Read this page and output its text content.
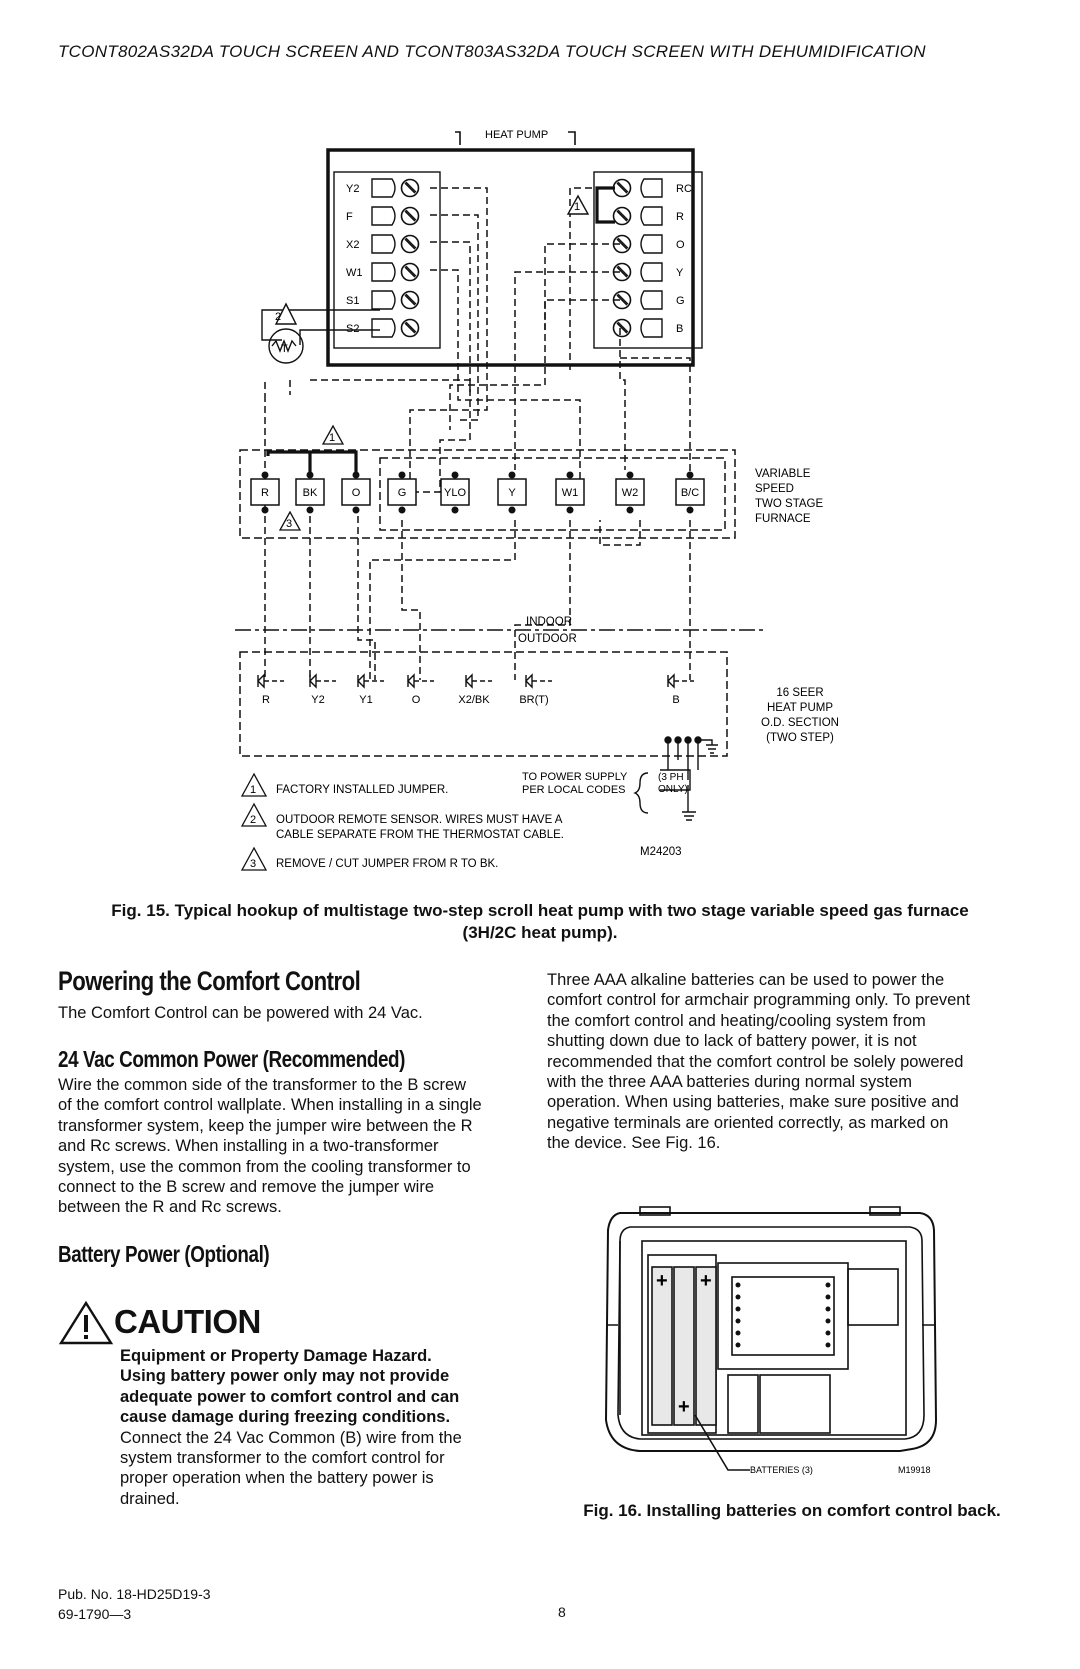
TCONT802AS32DA TOUCH SCREEN AND TCONT803AS32DA TOUCH SCREEN WITH DEHUMIDIFICATION
Y2
F
X2
W1
S1
S2
RC
R
O
Y
G
B
T
2
1
HEAT PUMP
1
3
R	BK	O	G	YLO	Y	W1	W2	B/C
VARIABLE
SPEED
TWO STAGE
FURNACE
INDOOR
OUTDOOR
R	Y2	Y1	O	X2/BK	BR(T)	B
16 SEER
HEAT PUMP
O.D. SECTION
(TWO STEP)
TO POWER SUPPLY
PER LOCAL CODES
(3 PH
ONLY)
1 FACTORY INSTALLED JUMPER.
2 OUTDOOR REMOTE SENSOR. WIRES MUST HAVE A
CABLE SEPARATE FROM THE THERMOSTAT CABLE.
3 REMOVE / CUT JUMPER FROM R TO BK.
M24203
Fig. 15. Typical hookup of multistage two-step scroll heat pump with two stage variable speed gas furnace
(3H/2C heat pump).
Powering the Comfort Control
The Comfort Control can be powered with 24 Vac.
24 Vac Common Power (Recommended)
Wire the common side of the transformer to the B screw
of the comfort control wallplate. When installing in a single
transformer system, keep the jumper wire between the R
and Rc screws. When installing in a two-transformer
system, use the common from the cooling transformer to
connect to the B screw and remove the jumper wire
between the R and Rc screws.
Battery Power (Optional)
CAUTION
Equipment or Property Damage Hazard.
Using battery power only may not provide
adequate power to comfort control and can
cause damage during freezing conditions.
Connect the 24 Vac Common (B) wire from the
system transformer to the comfort control for
proper operation when the battery power is
drained.
Three AAA alkaline batteries can be used to power the
comfort control for armchair programming only. To prevent
the comfort control and heating/cooling system from
shutting down due to lack of battery power, it is not
recommended that the comfort control be solely powered
with the three AAA batteries during normal system
operation. When using batteries, make sure positive and
negative terminals are oriented correctly, as marked on
the device. See Fig. 16.
+
+
+
BATTERIES (3)	M19918
Fig. 16. Installing batteries on comfort control back.
Pub. No. 18-HD25D19-3
69-1790—3	8
